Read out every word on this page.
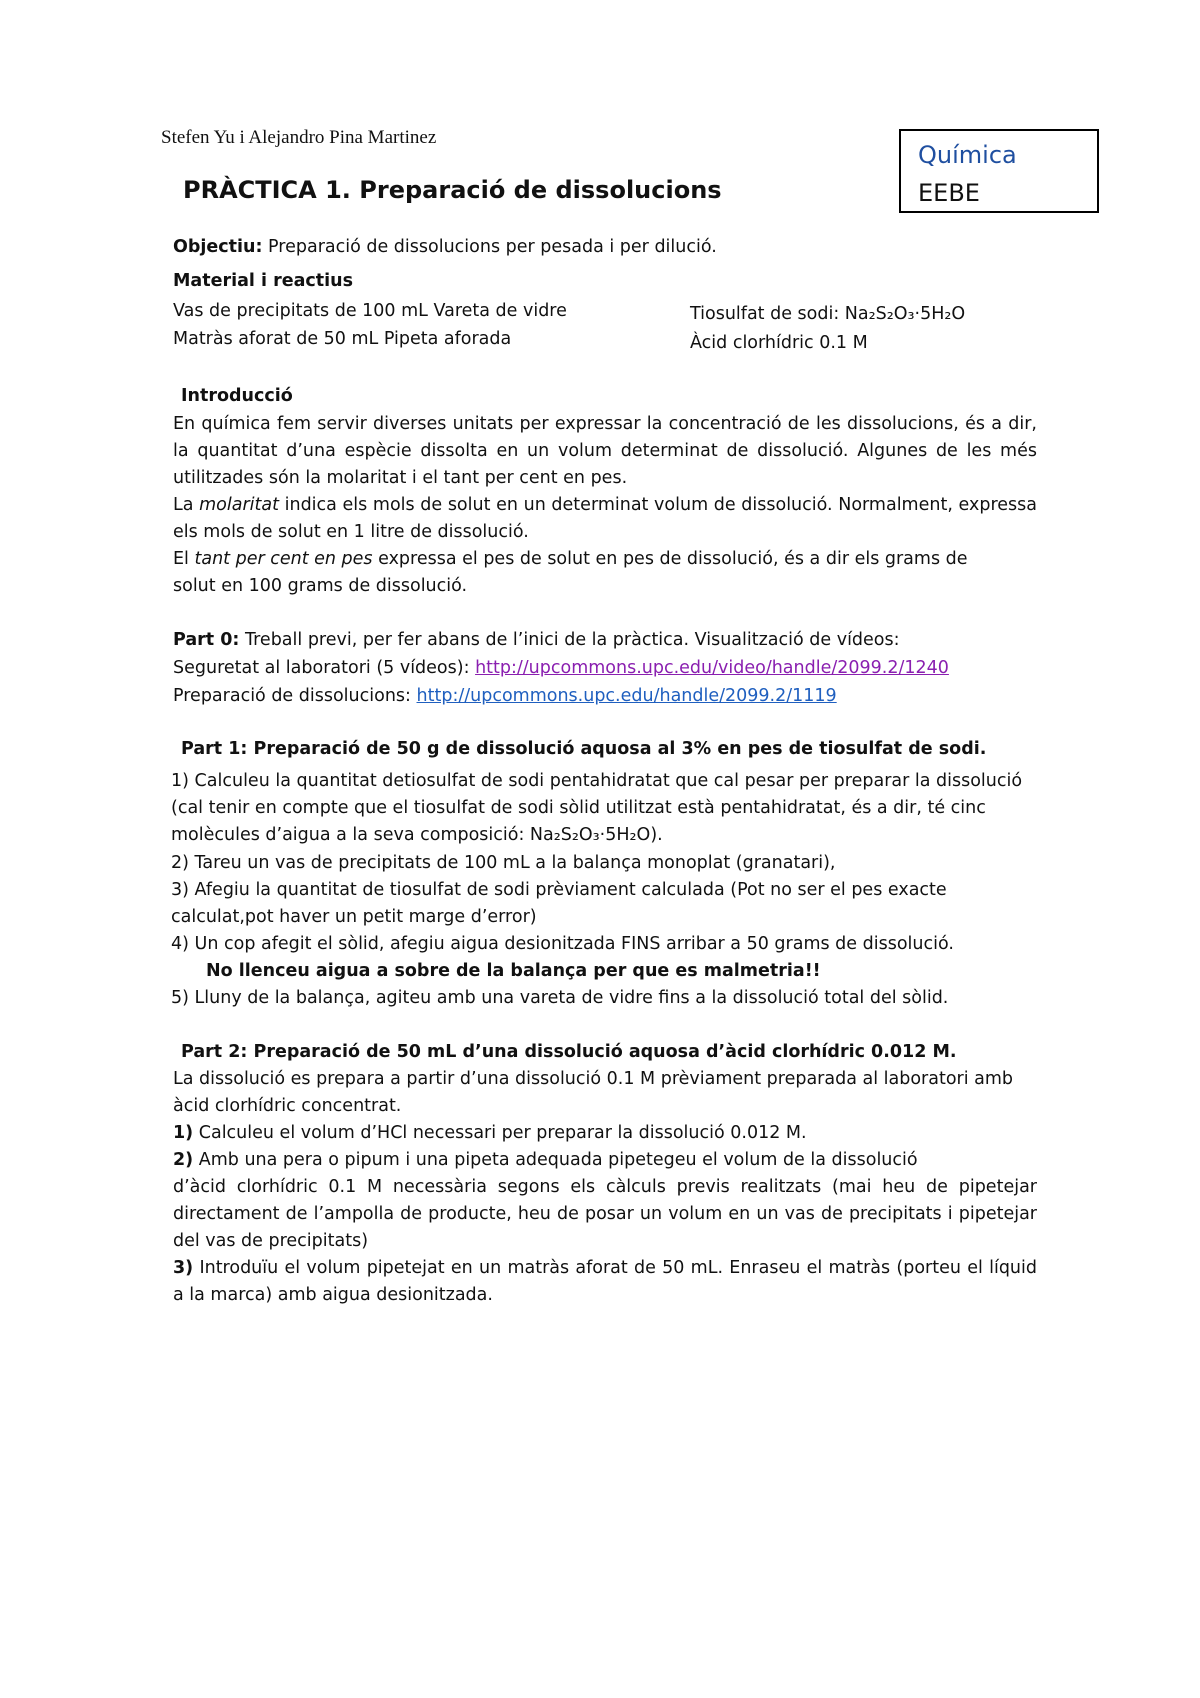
Stefen Yu i Alejandro Pina Martinez
Química
EEBE
PRÀCTICA 1. Preparació de dissolucions
Objectiu: Preparació de dissolucions per pesada i per dilució.
Material i reactius
Vas de precipitats de 100 mL Vareta de vidre
Matràs aforat de 50 mL Pipeta aforada
Tiosulfat de sodi: Na₂S₂O₃·5H₂O
Àcid clorhídric 0.1 M
Introducció
En química fem servir diverses unitats per expressar la concentració de les dissolucions, és a dir, la quantitat d’una espècie dissolta en un volum determinat de dissolució. Algunes de les més utilitzades són la molaritat i el tant per cent en pes.
La molaritat indica els mols de solut en un determinat volum de dissolució. Normalment, expressa els mols de solut en 1 litre de dissolució.
El tant per cent en pes expressa el pes de solut en pes de dissolució, és a dir els grams de solut en 100 grams de dissolució.
Part 0: Treball previ, per fer abans de l’inici de la pràctica. Visualització de vídeos:
Seguretat al laboratori (5 vídeos): http://upcommons.upc.edu/video/handle/2099.2/1240
Preparació de dissolucions: http://upcommons.upc.edu/handle/2099.2/1119
Part 1: Preparació de 50 g de dissolució aquosa al 3% en pes de tiosulfat de sodi.
1) Calculeu la quantitat detiosulfat de sodi pentahidratat que cal pesar per preparar la dissolució (cal tenir en compte que el tiosulfat de sodi sòlid utilitzat està pentahidratat, és a dir, té cinc molècules d’aigua a la seva composició: Na₂S₂O₃·5H₂O).
2) Tareu un vas de precipitats de 100 mL a la balança monoplat (granatari),
3) Afegiu la quantitat de tiosulfat de sodi prèviament calculada (Pot no ser el pes exacte calculat,pot haver un petit marge d’error)
4) Un cop afegit el sòlid, afegiu aigua desionitzada FINS arribar a 50 grams de dissolució.
No llenceu aigua a sobre de la balança per que es malmetria!!
5) Lluny de la balança, agiteu amb una vareta de vidre fins a la dissolució total del sòlid.
Part 2: Preparació de 50 mL d’una dissolució aquosa d’àcid clorhídric 0.012 M.
La dissolució es prepara a partir d’una dissolució 0.1 M prèviament preparada al laboratori amb àcid clorhídric concentrat.
1) Calculeu el volum d’HCl necessari per preparar la dissolució 0.012 M.
2) Amb una pera o pipum i una pipeta adequada pipetegeu el volum de la dissolució
d’àcid clorhídric 0.1 M necessària segons els càlculs previs realitzats (mai heu de pipetejar directament de l’ampolla de producte, heu de posar un volum en un vas de precipitats i pipetejar del vas de precipitats)
3) Introduïu el volum pipetejat en un matràs aforat de 50 mL. Enraseu el matràs (porteu el líquid a la marca) amb aigua desionitzada.
